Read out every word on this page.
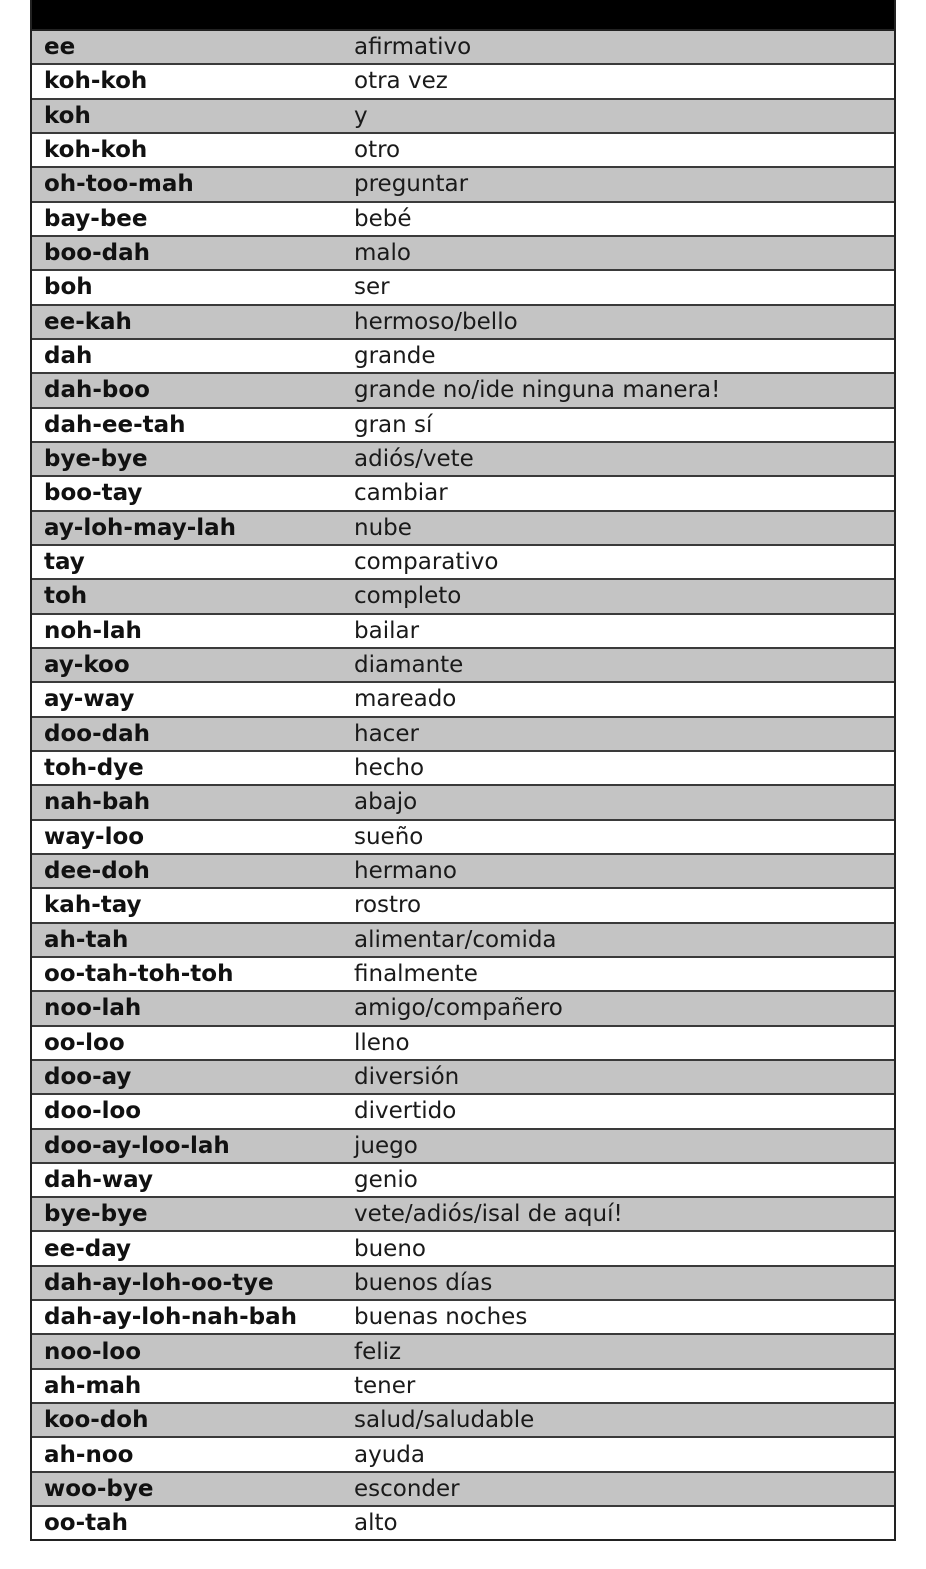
ee	afirmativo
koh-koh	otra vez
koh	y
koh-koh	otro
oh-too-mah	preguntar
bay-bee	bebé
boo-dah	malo
boh	ser
ee-kah	hermoso/bello
dah	grande
dah-boo	grande no/ide ninguna manera!
dah-ee-tah	gran sí
bye-bye	adiós/vete
boo-tay	cambiar
ay-loh-may-lah	nube
tay	comparativo
toh	completo
noh-lah	bailar
ay-koo	diamante
ay-way	mareado
doo-dah	hacer
toh-dye	hecho
nah-bah	abajo
way-loo	sueño
dee-doh	hermano
kah-tay	rostro
ah-tah	alimentar/comida
oo-tah-toh-toh	finalmente
noo-lah	amigo/compañero
oo-loo	lleno
doo-ay	diversión
doo-loo	divertido
doo-ay-loo-lah	juego
dah-way	genio
bye-bye	vete/adiós/isal de aquí!
ee-day	bueno
dah-ay-loh-oo-tye	buenos días
dah-ay-loh-nah-bah	buenas noches
noo-loo	feliz
ah-mah	tener
koo-doh	salud/saludable
ah-noo	ayuda
woo-bye	esconder
oo-tah	alto
